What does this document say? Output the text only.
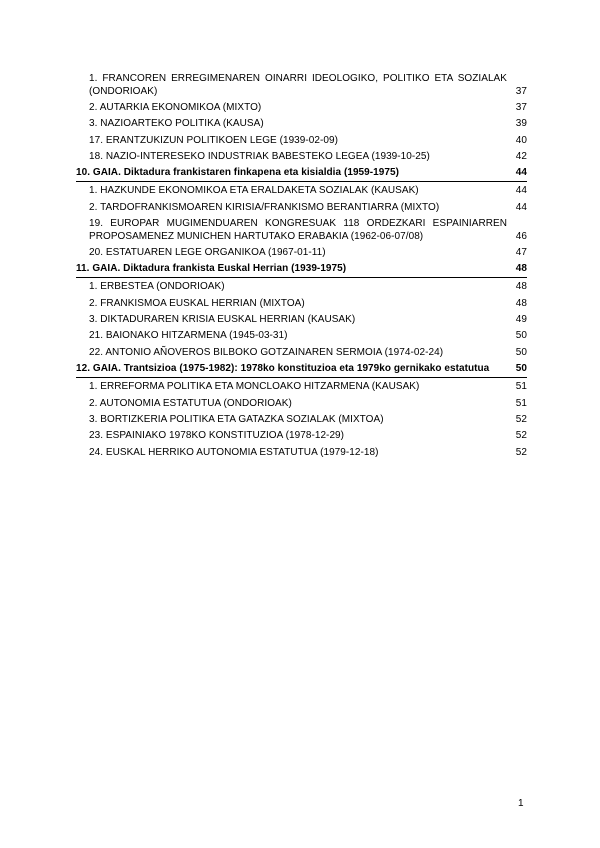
1. FRANCOREN ERREGIMENAREN OINARRI IDEOLOGIKO, POLITIKO ETA SOZIALAK (ONDORIOAK)	37
2. AUTARKIA EKONOMIKOA (MIXTO)	37
3. NAZIOARTEKO POLITIKA (KAUSA)	39
17. ERANTZUKIZUN POLITIKOEN LEGE (1939-02-09)	40
18. NAZIO-INTERESEKO INDUSTRIAK BABESTEKO LEGEA (1939-10-25)	42
10. GAIA. Diktadura frankistaren finkapena eta kisialdia (1959-1975)	44
1. HAZKUNDE EKONOMIKOA ETA ERALDAKETA SOZIALAK (KAUSAK)	44
2. TARDOFRANKISMOAREN KIRISIA/FRANKISMO BERANTIARRA (MIXTO)	44
19. EUROPAR MUGIMENDUAREN KONGRESUAK 118 ORDEZKARI ESPAINIARREN PROPOSAMENEZ MUNICHEN HARTUTAKO ERABAKIA (1962-06-07/08)	46
20. ESTATUAREN LEGE ORGANIKOA (1967-01-11)	47
11. GAIA. Diktadura frankista Euskal Herrian (1939-1975)	48
1. ERBESTEA (ONDORIOAK)	48
2. FRANKISMOA EUSKAL HERRIAN (MIXTOA)	48
3. DIKTADURAREN KRISIA EUSKAL HERRIAN (KAUSAK)	49
21. BAIONAKO HITZARMENA (1945-03-31)	50
22. ANTONIO AÑOVEROS BILBOKO GOTZAINAREN SERMOIA (1974-02-24)	50
12. GAIA. Trantsizioa (1975-1982): 1978ko konstituzioa eta 1979ko gernikako estatutua	50
1. ERREFORMA POLITIKA ETA MONCLOAKO HITZARMENA (KAUSAK)	51
2. AUTONOMIA ESTATUTUA (ONDORIOAK)	51
3. BORTIZKERIA POLITIKA ETA GATAZKA SOZIALAK (MIXTOA)	52
23. ESPAINIAKO 1978KO KONSTITUZIOA (1978-12-29)	52
24. EUSKAL HERRIKO AUTONOMIA ESTATUTUA (1979-12-18)	52
1
